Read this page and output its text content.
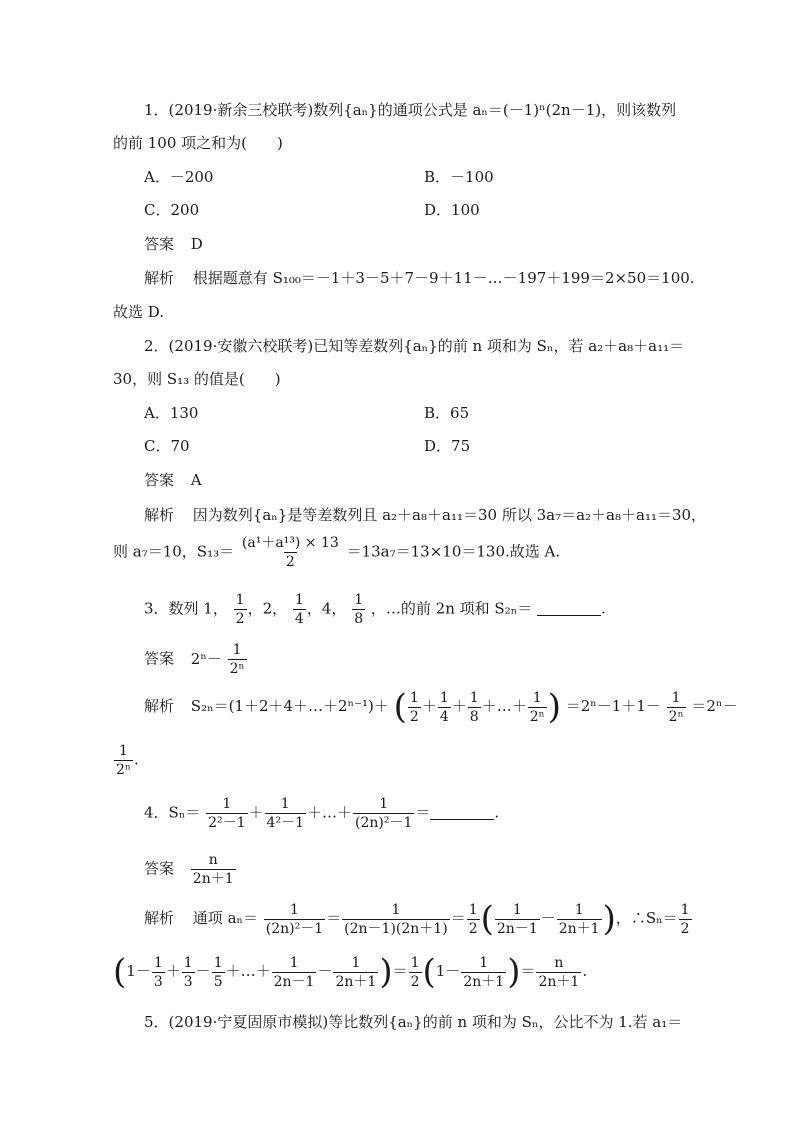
1．(2019·新余三校联考)数列{aₙ}的通项公式是 aₙ＝(－1)ⁿ(2n－1)，则该数列
的前 100 项之和为(　　)
A．－200	B．－100
C．200	D．100
答案 D
解析 根据题意有 S₁₀₀＝－1＋3－5＋7－9＋11－…－197＋199＝2×50＝100.
故选 D.
2．(2019·安徽六校联考)已知等差数列{aₙ}的前 n 项和为 Sₙ，若 a₂＋a₈＋a₁₁＝
30，则 S₁₃ 的值是(　　)
A．130	B．65
C．70	D．75
答案 A
解析 因为数列{aₙ}是等差数列且 a₂＋a₈＋a₁₁＝30 所以 3a₇＝a₂＋a₈＋a₁₁＝30，
则 a₇＝10，$S_{13}= \frac{\text{(a¹＋a¹³) × 13}}{2} =13a_7=13\times 10=130$.故选 A.
3．数列 1， $\frac{1}{2}$ ，2， $\frac{1}{4}$ ，4， $\frac{1}{8}$ ，…的前 2n 项和 S₂ₙ＝	.
答案 $2^n- \frac{1}{\text{2ⁿ}}$
解析 S₂ₙ＝(1＋2＋4＋…＋2ⁿ⁻¹)＋ ( $\frac{1}{2} + \frac{1}{4} + \frac{1}{8}$ ＋…＋ $\frac{1}{\text{2ⁿ}}$ ) $=2^n-1+1- \frac{1}{\text{2ⁿ}} =2^n-$
$\frac{1}{\text{2ⁿ}}$ .
4．$S_n= \frac{1}{\text{2²－1}} + \frac{1}{\text{4²－1}}$ ＋…＋ $\frac{1}{\text{(2n)²－1}}$ ＝	.
答案 $\frac{n}{2n+1}$
解析 通项 $a_n= \frac{1}{\text{(2n)²－1}} = \frac{1}{(2n-1)(2n+1)} = \frac{1}{2}$ ( $\frac{1}{2n-1} - \frac{1}{2n+1}$ )，∴Sₙ＝ $\frac{1}{2}$
($1- \frac{1}{3} + \frac{1}{3} - \frac{1}{5}$ ＋…＋ $\frac{1}{2n-1} - \frac{1}{2n+1}$ )＝ $\frac{1}{2} (1- \frac{1}{2n+1}$ )＝ $\frac{n}{2n+1}$ .
5．(2019·宁夏固原市模拟)等比数列{aₙ}的前 n 项和为 Sₙ，公比不为 1.若 a₁＝
